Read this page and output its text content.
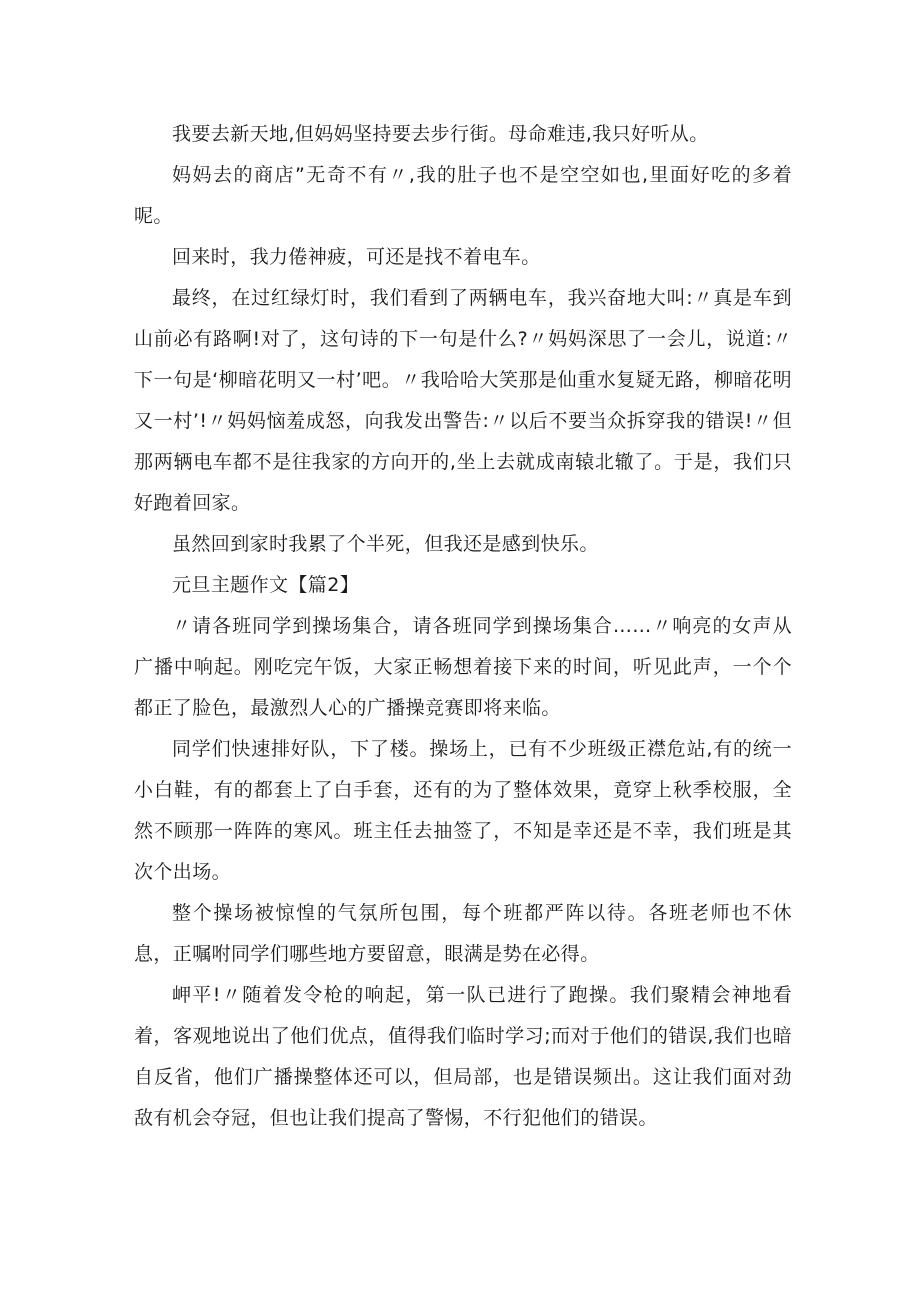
我要去新天地,但妈妈坚持要去步行街。母命难违,我只好听从。

妈妈去的商店”无奇不有〃,我的肚子也不是空空如也,里面好吃的多着呢。

回来时，我力倦神疲，可还是找不着电车。

最终，在过红绿灯时，我们看到了两辆电车，我兴奋地大叫:〃真是车到山前必有路啊!对了，这句诗的下一句是什么?〃妈妈深思了一会儿，说道:〃下一句是‘柳暗花明又一村’吧。〃我哈哈大笑那是仙重水复疑无路，柳暗花明又一村’!〃妈妈恼羞成怒，向我发出警告:〃以后不要当众拆穿我的错误!〃但那两辆电车都不是往我家的方向开的,坐上去就成南辕北辙了。于是，我们只好跑着回家。

虽然回到家时我累了个半死，但我还是感到快乐。

元旦主题作文【篇2】

〃请各班同学到操场集合，请各班同学到操场集合……〃响亮的女声从广播中响起。刚吃完午饭，大家正畅想着接下来的时间，听见此声，一个个都正了脸色，最激烈人心的广播操竞赛即将来临。

同学们快速排好队，下了楼。操场上，已有不少班级正襟危站,有的统一小白鞋，有的都套上了白手套，还有的为了整体效果，竟穿上秋季校服，全然不顾那一阵阵的寒风。班主任去抽签了，不知是幸还是不幸，我们班是其次个出场。

整个操场被惊惶的气氛所包围，每个班都严阵以待。各班老师也不休息，正嘱咐同学们哪些地方要留意，眼满是势在必得。

岬平!〃随着发令枪的响起，第一队已进行了跑操。我们聚精会神地看着，客观地说出了他们优点，值得我们临时学习;而对于他们的错误,我们也暗自反省，他们广播操整体还可以，但局部，也是错误频出。这让我们面对劲敌有机会夺冠，但也让我们提高了警惕，不行犯他们的错误。
